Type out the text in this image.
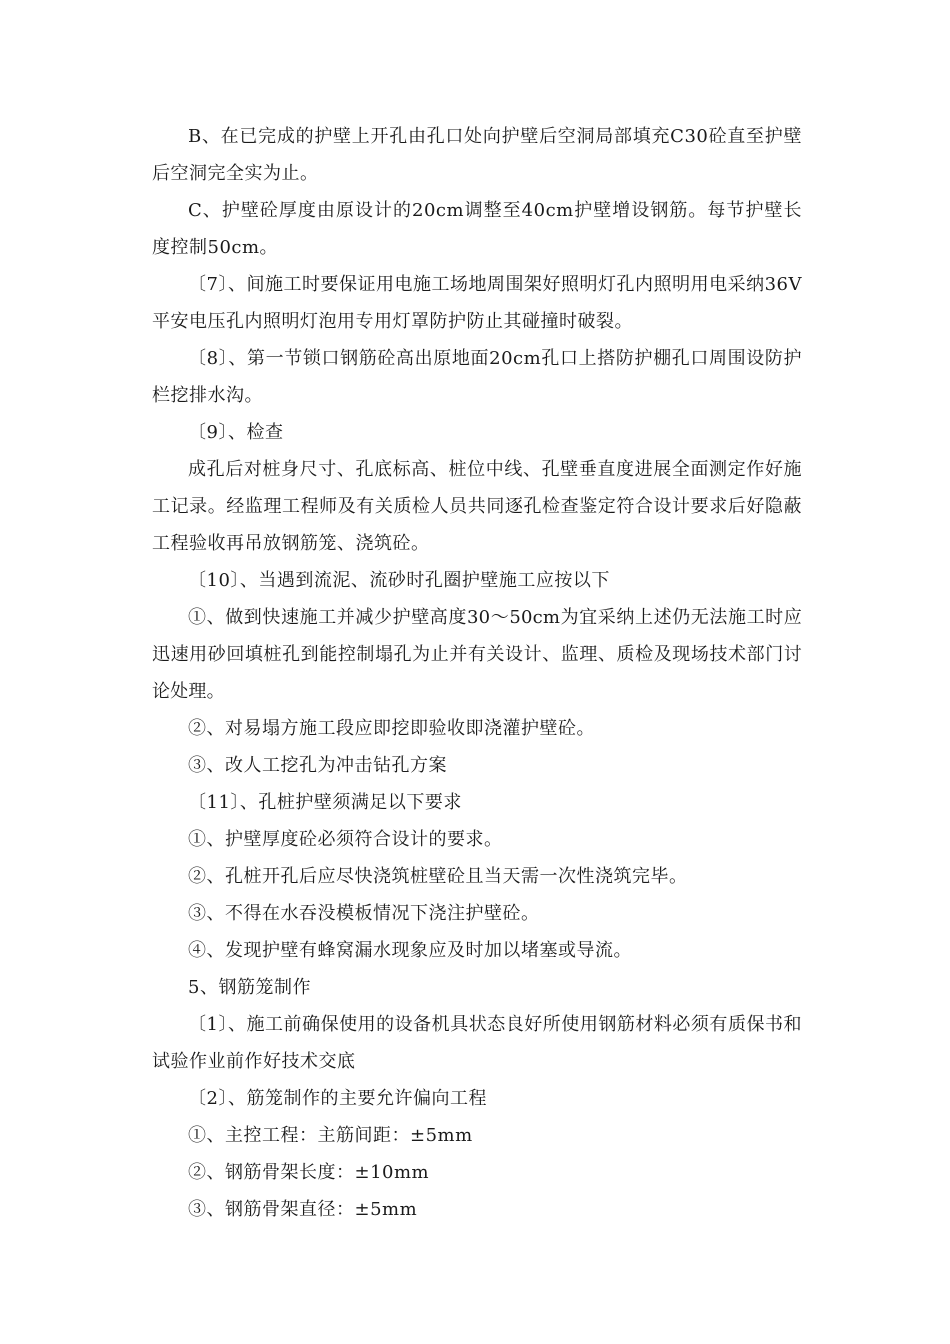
B、在已完成的护壁上开孔由孔口处向护壁后空洞局部填充C30砼直至护壁后空洞完全实为止。

C、护壁砼厚度由原设计的20cm调整至40cm护壁增设钢筋。每节护壁长度控制50cm。

〔7〕、间施工时要保证用电施工场地周围架好照明灯孔内照明用电采纳36V平安电压孔内照明灯泡用专用灯罩防护防止其碰撞时破裂。

〔8〕、第一节锁口钢筋砼高出原地面20cm孔口上搭防护棚孔口周围设防护栏挖排水沟。

〔9〕、检查

成孔后对桩身尺寸、孔底标高、桩位中线、孔壁垂直度进展全面测定作好施工记录。经监理工程师及有关质检人员共同逐孔检查鉴定符合设计要求后好隐蔽工程验收再吊放钢筋笼、浇筑砼。

〔10〕、当遇到流泥、流砂时孔圈护壁施工应按以下

①、做到快速施工并减少护壁高度30～50cm为宜采纳上述仍无法施工时应迅速用砂回填桩孔到能控制塌孔为止并有关设计、监理、质检及现场技术部门讨论处理。

②、对易塌方施工段应即挖即验收即浇灌护壁砼。

③、改人工挖孔为冲击钻孔方案

〔11〕、孔桩护壁须满足以下要求

①、护壁厚度砼必须符合设计的要求。

②、孔桩开孔后应尽快浇筑桩壁砼且当天需一次性浇筑完毕。

③、不得在水吞没模板情况下浇注护壁砼。

④、发现护壁有蜂窝漏水现象应及时加以堵塞或导流。

5、钢筋笼制作

〔1〕、施工前确保使用的设备机具状态良好所使用钢筋材料必须有质保书和试验作业前作好技术交底

〔2〕、筋笼制作的主要允许偏向工程

①、主控工程：主筋间距：±5mm

②、钢筋骨架长度：±10mm

③、钢筋骨架直径：±5mm
